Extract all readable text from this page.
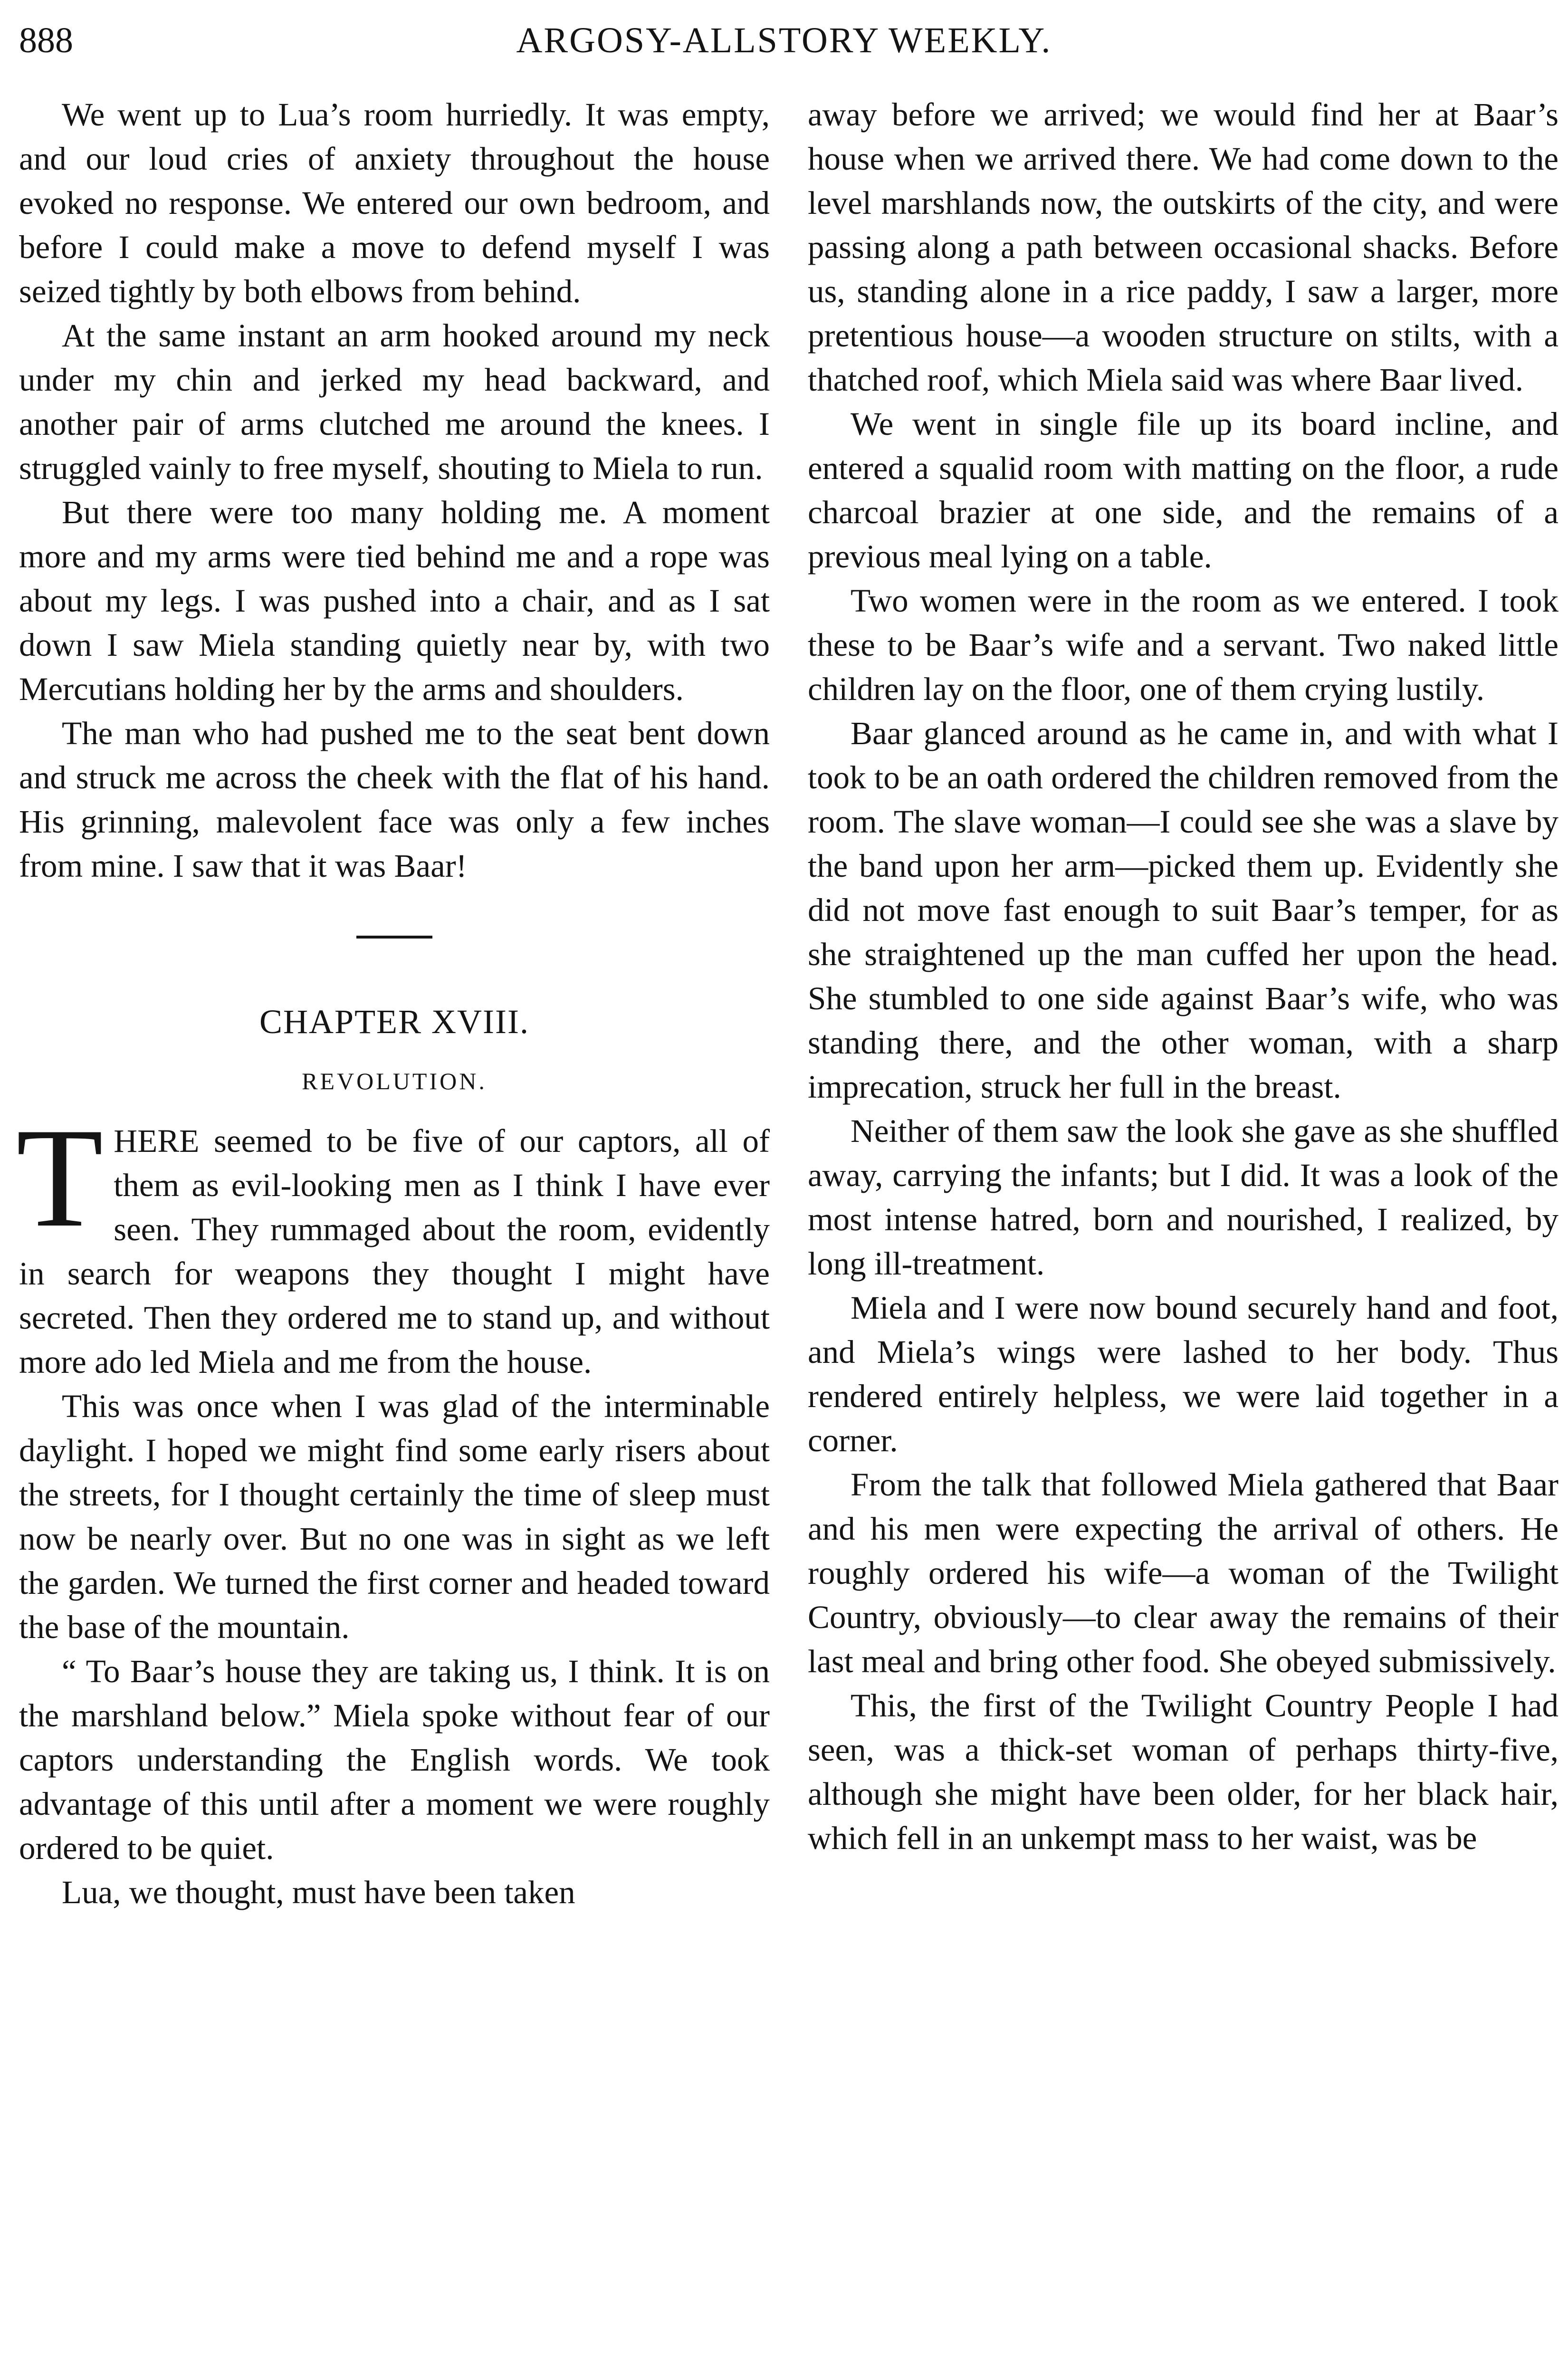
888	ARGOSY-ALLSTORY WEEKLY.

We went up to Lua’s room hurriedly. It was empty, and our loud cries of anxiety throughout the house evoked no response. We entered our own bedroom, and before I could make a move to defend myself I was seized tightly by both elbows from behind.

At the same instant an arm hooked around my neck under my chin and jerked my head backward, and another pair of arms clutched me around the knees. I struggled vainly to free myself, shouting to Miela to run.

But there were too many holding me. A moment more and my arms were tied behind me and a rope was about my legs. I was pushed into a chair, and as I sat down I saw Miela standing quietly near by, with two Mercutians holding her by the arms and shoulders.

The man who had pushed me to the seat bent down and struck me across the cheek with the flat of his hand. His grinning, malevolent face was only a few inches from mine. I saw that it was Baar!

CHAPTER XVIII.
REVOLUTION.

THERE seemed to be five of our captors, all of them as evil-looking men as I think I have ever seen. They rummaged about the room, evidently in search for weapons they thought I might have secreted. Then they ordered me to stand up, and without more ado led Miela and me from the house.

This was once when I was glad of the interminable daylight. I hoped we might find some early risers about the streets, for I thought certainly the time of sleep must now be nearly over. But no one was in sight as we left the garden. We turned the first corner and headed toward the base of the mountain.

“ To Baar’s house they are taking us, I think. It is on the marshland below.” Miela spoke without fear of our captors understanding the English words. We took advantage of this until after a moment we were roughly ordered to be quiet.

Lua, we thought, must have been taken

away before we arrived; we would find her at Baar’s house when we arrived there. We had come down to the level marshlands now, the outskirts of the city, and were passing along a path between occasional shacks. Before us, standing alone in a rice paddy, I saw a larger, more pretentious house—a wooden structure on stilts, with a thatched roof, which Miela said was where Baar lived.

We went in single file up its board incline, and entered a squalid room with matting on the floor, a rude charcoal brazier at one side, and the remains of a previous meal lying on a table.

Two women were in the room as we entered. I took these to be Baar’s wife and a servant. Two naked little children lay on the floor, one of them crying lustily.

Baar glanced around as he came in, and with what I took to be an oath ordered the children removed from the room. The slave woman—I could see she was a slave by the band upon her arm—picked them up. Evidently she did not move fast enough to suit Baar’s temper, for as she straightened up the man cuffed her upon the head. She stumbled to one side against Baar’s wife, who was standing there, and the other woman, with a sharp imprecation, struck her full in the breast.

Neither of them saw the look she gave as she shuffled away, carrying the infants; but I did. It was a look of the most intense hatred, born and nourished, I realized, by long ill-treatment.

Miela and I were now bound securely hand and foot, and Miela’s wings were lashed to her body. Thus rendered entirely helpless, we were laid together in a corner.

From the talk that followed Miela gathered that Baar and his men were expecting the arrival of others. He roughly ordered his wife—a woman of the Twilight Country, obviously—to clear away the remains of their last meal and bring other food. She obeyed submissively.

This, the first of the Twilight Country People I had seen, was a thick-set woman of perhaps thirty-five, although she might have been older, for her black hair, which fell in an unkempt mass to her waist, was be
